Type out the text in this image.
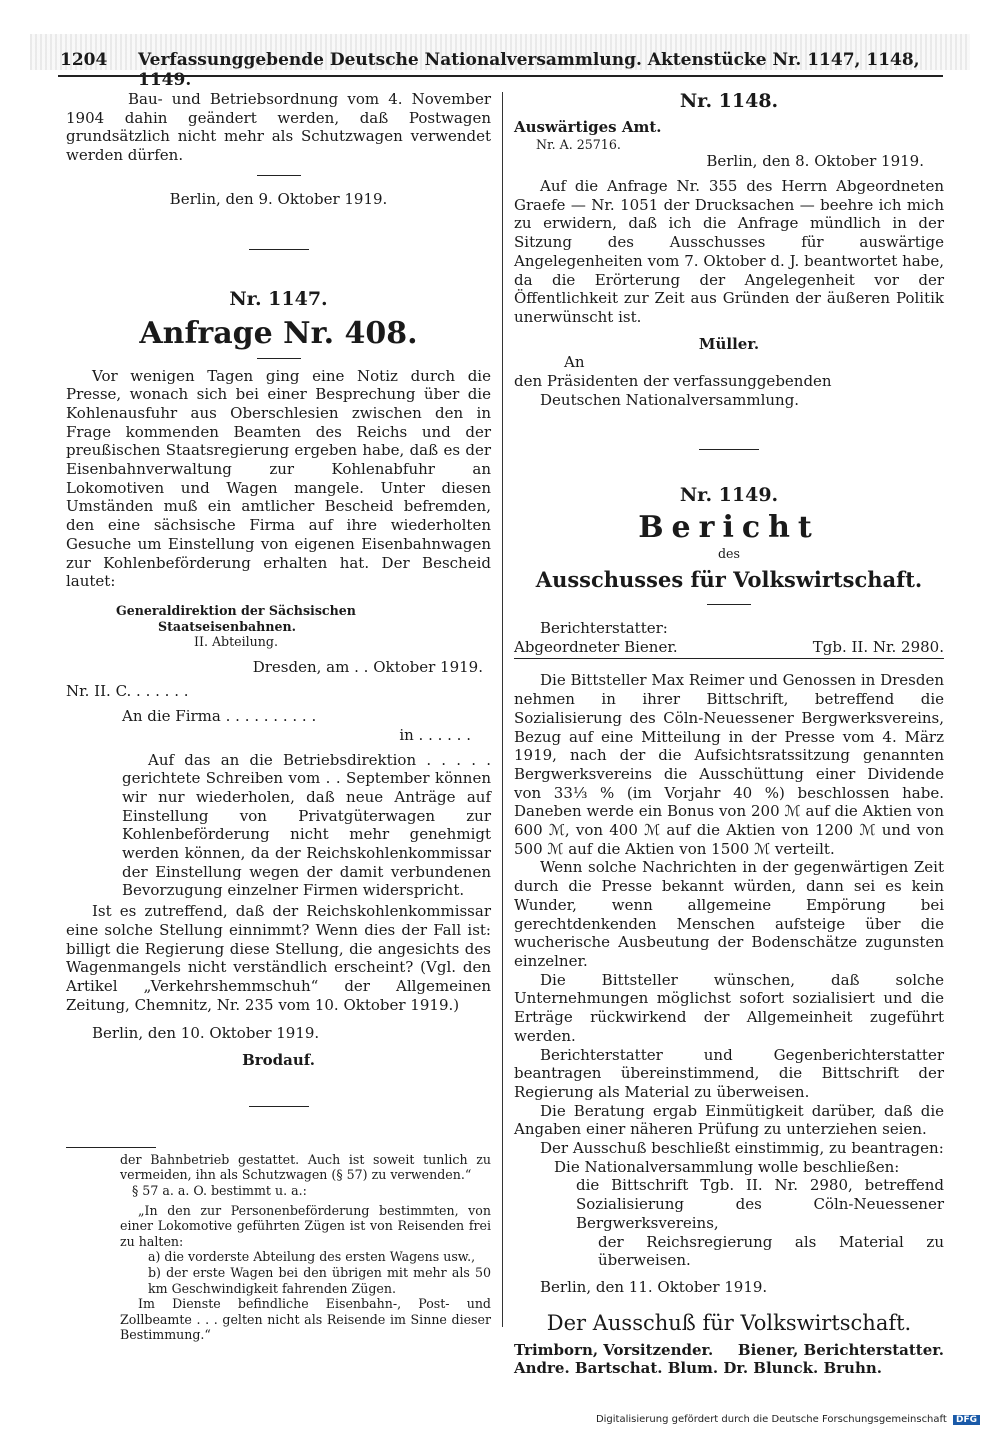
1204 Verfassunggebende Deutsche Nationalversammlung. Aktenstücke Nr. 1147, 1148, 1149.

Bau- und Betriebsordnung vom 4. November 1904 dahin geändert werden, daß Postwagen grundsätzlich nicht mehr als Schutzwagen verwendet werden dürfen.

Berlin, den 9. Oktober 1919.

Nr. 1147.
Anfrage Nr. 408.

Vor wenigen Tagen ging eine Notiz durch die Presse, wonach sich bei einer Besprechung über die Kohlenausfuhr aus Oberschlesien zwischen den in Frage kommenden Beamten des Reichs und der preußischen Staatsregierung ergeben habe, daß es der Eisenbahnverwaltung zur Kohlenabfuhr an Lokomotiven und Wagen mangele. Unter diesen Umständen muß ein amtlicher Bescheid befremden, den eine sächsische Firma auf ihre wiederholten Gesuche um Einstellung von eigenen Eisenbahnwagen zur Kohlenbeförderung erhalten hat. Der Bescheid lautet:

Generaldirektion der Sächsischen

Staatseisenbahnen.

II. Abteilung.

Dresden, am . . Oktober 1919.

Nr. II. C. . . . . . .

An die Firma . . . . . . . . . .

in . . . . . .

Auf das an die Betriebsdirektion . . . . . gerichtete Schreiben vom . . September können wir nur wiederholen, daß neue Anträge auf Einstellung von Privatgüterwagen zur Kohlenbeförderung nicht mehr genehmigt werden können, da der Reichskohlenkommissar der Einstellung wegen der damit verbundenen Bevorzugung einzelner Firmen widerspricht.

Ist es zutreffend, daß der Reichskohlenkommissar eine solche Stellung einnimmt? Wenn dies der Fall ist: billigt die Regierung diese Stellung, die angesichts des Wagenmangels nicht verständlich erscheint? (Vgl. den Artikel „Verkehrshemmschuh“ der Allgemeinen Zeitung, Chemnitz, Nr. 235 vom 10. Oktober 1919.)

Berlin, den 10. Oktober 1919.

Brodauf.

der Bahnbetrieb gestattet. Auch ist soweit tunlich zu vermeiden, ihn als Schutzwagen (§ 57) zu verwenden.“

§ 57 a. a. O. bestimmt u. a.:

„In den zur Personenbeförderung bestimmten, von einer Lokomotive geführten Zügen ist von Reisenden frei zu halten:

a) die vorderste Abteilung des ersten Wagens usw.,

b) der erste Wagen bei den übrigen mit mehr als 50 km Geschwindigkeit fahrenden Zügen.

Im Dienste befindliche Eisenbahn-, Post- und Zollbeamte . . . gelten nicht als Reisende im Sinne dieser Bestimmung.“

Nr. 1148.

Auswärtiges Amt.

Nr. A. 25716.

Berlin, den 8. Oktober 1919.

Auf die Anfrage Nr. 355 des Herrn Abgeordneten Graefe — Nr. 1051 der Drucksachen — beehre ich mich zu erwidern, daß ich die Anfrage mündlich in der Sitzung des Ausschusses für auswärtige Angelegenheiten vom 7. Oktober d. J. beantwortet habe, da die Erörterung der Angelegenheit vor der Öffentlichkeit zur Zeit aus Gründen der äußeren Politik unerwünscht ist.

Müller.

An

den Präsidenten der verfassunggebenden

Deutschen Nationalversammlung.

Nr. 1149.
Bericht

des

Ausschusses für Volkswirtschaft.

Berichterstatter:

Abgeordneter Biener.	Tgb. II. Nr. 2980.

Die Bittsteller Max Reimer und Genossen in Dresden nehmen in ihrer Bittschrift, betreffend die Sozialisierung des Cöln-Neuessener Bergwerksvereins, Bezug auf eine Mitteilung in der Presse vom 4. März 1919, nach der die Aufsichtsratssitzung genannten Bergwerksvereins die Ausschüttung einer Dividende von 33⅓ % (im Vorjahr 40 %) beschlossen habe. Daneben werde ein Bonus von 200 ℳ auf die Aktien von 600 ℳ, von 400 ℳ auf die Aktien von 1200 ℳ und von 500 ℳ auf die Aktien von 1500 ℳ verteilt.

Wenn solche Nachrichten in der gegenwärtigen Zeit durch die Presse bekannt würden, dann sei es kein Wunder, wenn allgemeine Empörung bei gerechtdenkenden Menschen aufsteige über die wucherische Ausbeutung der Bodenschätze zugunsten einzelner.

Die Bittsteller wünschen, daß solche Unternehmungen möglichst sofort sozialisiert und die Erträge rückwirkend der Allgemeinheit zugeführt werden.

Berichterstatter und Gegenberichterstatter beantragen übereinstimmend, die Bittschrift der Regierung als Material zu überweisen.

Die Beratung ergab Einmütigkeit darüber, daß die Angaben einer näheren Prüfung zu unterziehen seien.

Der Ausschuß beschließt einstimmig, zu beantragen:

Die Nationalversammlung wolle beschließen:

die Bittschrift Tgb. II. Nr. 2980, betreffend Sozialisierung des Cöln-Neuessener Bergwerksvereins,

der Reichsregierung als Material zu überweisen.

Berlin, den 11. Oktober 1919.

Der Ausschuß für Volkswirtschaft.

Trimborn, Vorsitzender. Biener, Berichterstatter.

Andre. Bartschat. Blum. Dr. Blunck. Bruhn.

Digitalisierung gefördert durch die Deutsche Forschungsgemeinschaft DFG
